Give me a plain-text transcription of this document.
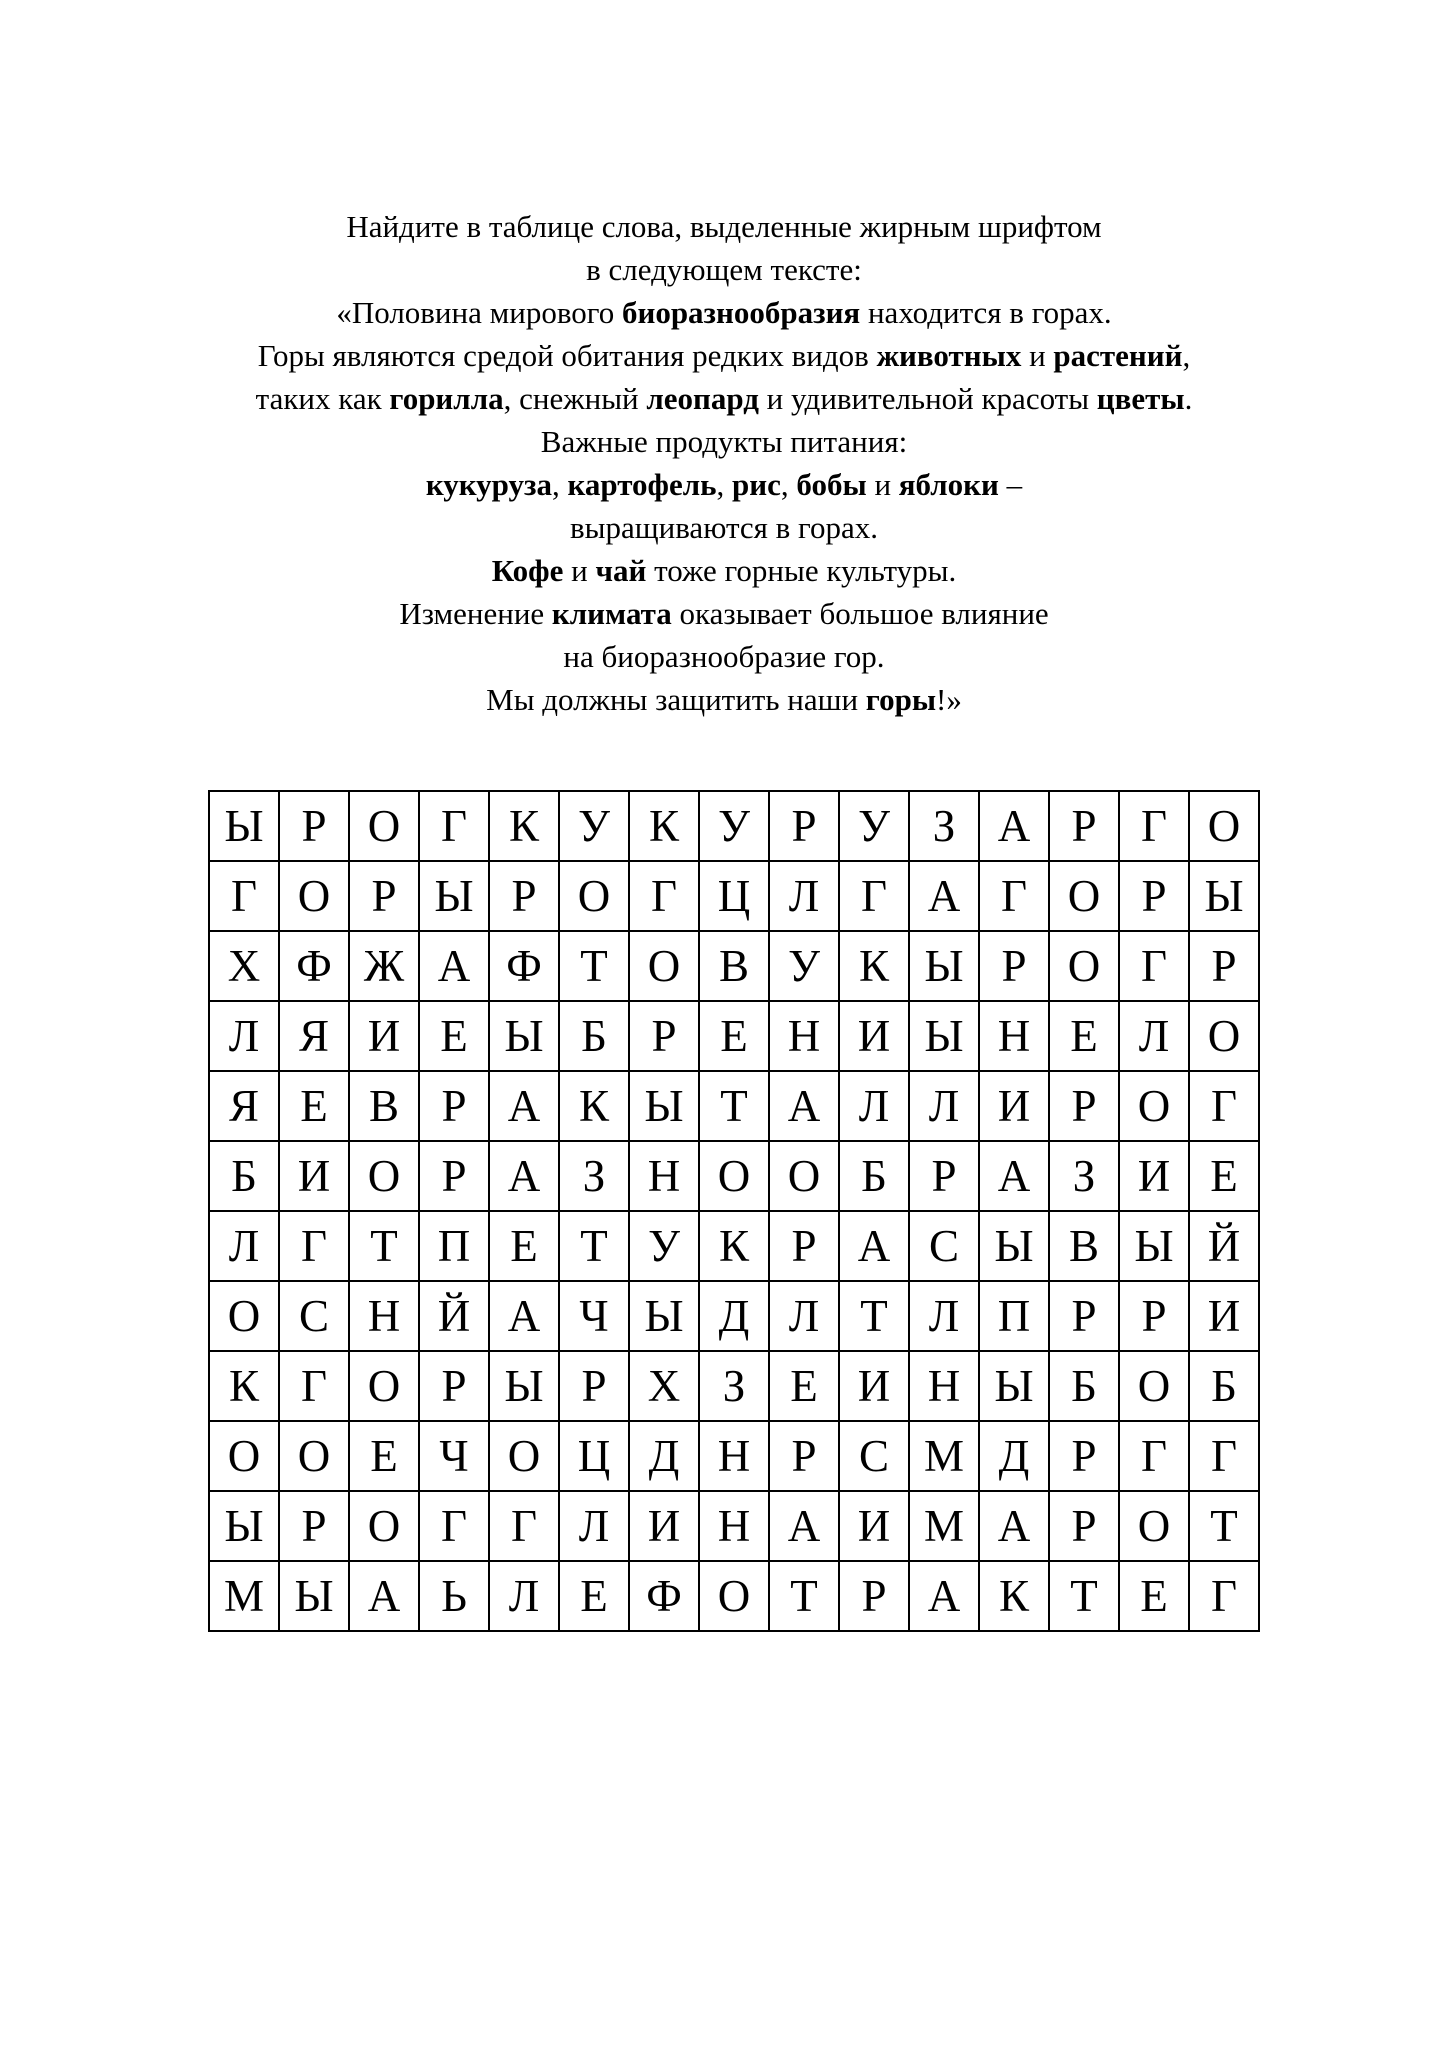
Найдите в таблице слова, выделенные жирным шрифтом
в следующем тексте:
«Половина мирового биоразнообразия находится в горах.
Горы являются средой обитания редких видов животных и растений,
таких как горилла, снежный леопард и удивительной красоты цветы.
Важные продукты питания:
кукуруза, картофель, рис, бобы и яблоки –
выращиваются в горах.
Кофе и чай тоже горные культуры.
Изменение климата оказывает большое влияние
на биоразнообразие гор.
Мы должны защитить наши горы!»
Ы	Р	О	Г	К	У	К	У	Р	У	З	А	Р	Г	О
Г	О	Р	Ы	Р	О	Г	Ц	Л	Г	А	Г	О	Р	Ы
Х	Ф	Ж	А	Ф	Т	О	В	У	К	Ы	Р	О	Г	Р
Л	Я	И	Е	Ы	Б	Р	Е	Н	И	Ы	Н	Е	Л	О
Я	Е	В	Р	А	К	Ы	Т	А	Л	Л	И	Р	О	Г
Б	И	О	Р	А	З	Н	О	О	Б	Р	А	З	И	Е
Л	Г	Т	П	Е	Т	У	К	Р	А	С	Ы	В	Ы	Й
О	С	Н	Й	А	Ч	Ы	Д	Л	Т	Л	П	Р	Р	И
К	Г	О	Р	Ы	Р	Х	З	Е	И	Н	Ы	Б	О	Б
О	О	Е	Ч	О	Ц	Д	Н	Р	С	М	Д	Р	Г	Г
Ы	Р	О	Г	Г	Л	И	Н	А	И	М	А	Р	О	Т
М	Ы	А	Ь	Л	Е	Ф	О	Т	Р	А	К	Т	Е	Г
